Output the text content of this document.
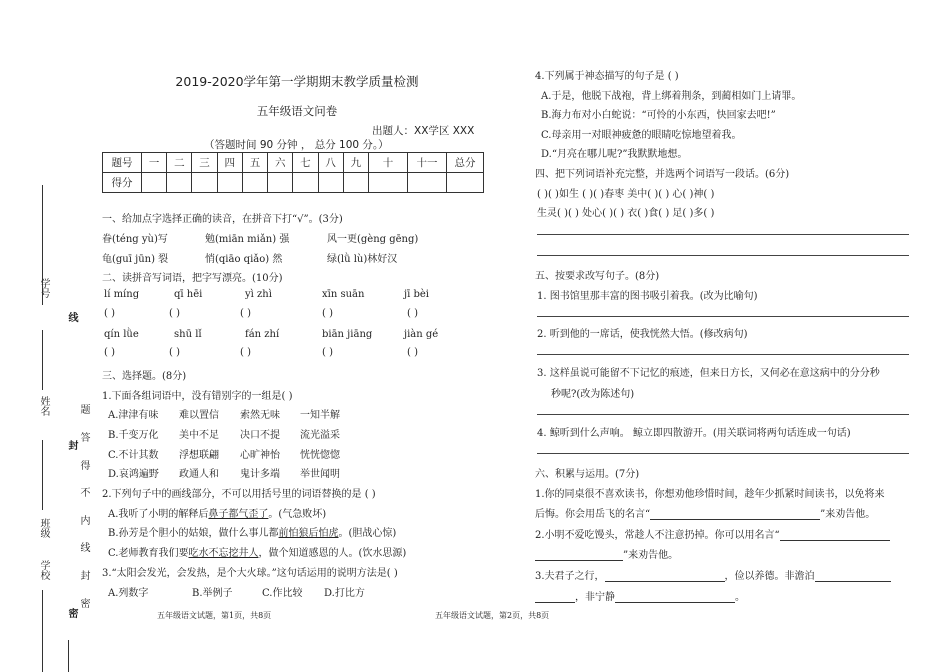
学号
姓名
班级
学校
线
封
密
题
答
得
不
内
线
封
密
2019-2020学年第一学期期末教学质量检测
五年级语文问卷
出题人：XX学区 XXX
（答题时间 90 分钟 ， 总分 100 分。）
题号	一	二	三	四	五	六	七	八	九	十	十一	总分
得分												
一、给加点字选择正确的读音，在拼音下打“√”。(3分)
眷(téng yù)写	勉(miān miǎn) 强	风一更(gèng gēng)
龟(guī jūn) 裂	悄(qiāo qiǎo) 然	绿(lǜ lù)林好汉
二、读拼音写词语，把字写漂亮。(10分)
lí míng	qī hēi	yì zhì	xīn suān	jī bèi
( )	( )	( )	( )	( )
qín lǜe	shū lǐ	fán zhí	biān jiāng	jiàn gé
( )	( )	( )	( )	( )
三、选择题。(8分)
1.下面各组词语中，没有错别字的一组是( )
A.津津有味 难以置信 索然无味 一知半解
B.千变万化 美中不足 决口不提 流光溢采
C.不计其数 浮想联翩 心旷神怡 恍恍惚惚
D.哀鸿遍野 政通人和 鬼计多端 举世闻明
2.下列句子中的画线部分，不可以用括号里的词语替换的是 ( )
A.我听了小明的解释后鼻子都气歪了。(气急败坏)
B.孙芳是个胆小的姑娘，做什么事儿都前怕狼后怕虎。(胆战心惊)
C.老师教育我们要吃水不忘挖井人，做个知道感恩的人。(饮水思源)
3.“太阳会发光，会发热，是个大火球。”这句话运用的说明方法是( )
A.列数字	B.举例子	C.作比较 D.打比方
五年级语文试题，第1页，共8页
4.下列属于神态描写的句子是 ( )
A.于是，他脱下战袍，背上绑着荆条，到蔺相如门上请罪。
B.海力布对小白蛇说：“可怜的小东西，快回家去吧!”
C.母亲用一对眼神疲惫的眼睛吃惊地望着我。
D.“月亮在哪儿呢?”我默默地想。
四、把下列词语补充完整，并选两个词语写一段话。(6分)
( )( )如生 ( )( )春枣 美中( )( ) 心( )神( )
生灵( )( ) 处心( )( ) 衣( )食( ) 足( )多( )
五、按要求改写句子。(8分)
1. 图书馆里那丰富的图书吸引着我。(改为比喻句)
2. 听到他的一席话，使我恍然大悟。(修改病句)
3. 这样虽说可能留不下记忆的痕迹，但来日方长，又何必在意这病中的分分秒
秒呢?(改为陈述句)
4. 鲸听到什么声响。 鲸立即四散游开。(用关联词将两句话连成一句话)
六、积累与运用。(7分)
1.你的同桌很不喜欢读书，你想劝他珍惜时间，趁年少抓紧时间读书，以免将来
后悔。你会用岳飞的名言“	”来劝告他。
2.小明不爱吃馒头，常趁人不注意扔掉。你可以用名言“
”来劝告他。
3.夫君子之行，	，俭以养德。非澹泊
，非宁静	。
五年级语文试题，第2页，共8页
